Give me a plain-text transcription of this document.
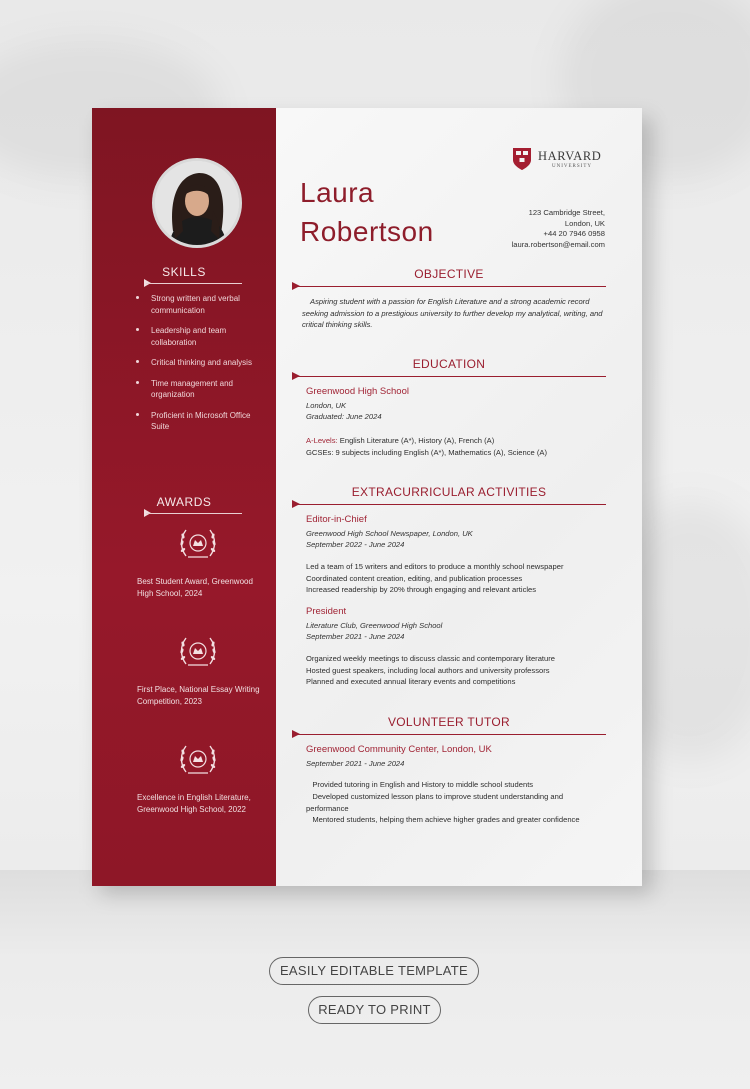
SKILLS
Strong written and verbal communication
Leadership and team collaboration
Critical thinking and analysis
Time management and organization
Proficient in Microsoft Office Suite
AWARDS
Best Student Award, Greenwood High School, 2024
First Place, National Essay Writing Competition, 2023
Excellence in English Literature, Greenwood High School, 2022
HARVARD
UNIVERSITY
Laura
Robertson
123 Cambridge Street,
London, UK
+44 20 7946 0958
laura.robertson@email.com
OBJECTIVE
Aspiring student with a passion for English Literature and a strong academic record seeking admission to a prestigious university to further develop my analytical, writing, and critical thinking skills.
EDUCATION
Greenwood High School
London, UK
Graduated: June 2024
A-Levels: English Literature (A*), History (A), French (A)
GCSEs: 9 subjects including English (A*), Mathematics (A), Science (A)
EXTRACURRICULAR ACTIVITIES
Editor-in-Chief
Greenwood High School Newspaper, London, UK
September 2022 - June 2024
Led a team of 15 writers and editors to produce a monthly school newspaper
Coordinated content creation, editing, and publication processes
Increased readership by 20% through engaging and relevant articles
President
Literature Club, Greenwood High School
September 2021 - June 2024
Organized weekly meetings to discuss classic and contemporary literature
Hosted guest speakers, including local authors and university professors
Planned and executed annual literary events and competitions
VOLUNTEER TUTOR
Greenwood Community Center, London, UK
September 2021 - June 2024
Provided tutoring in English and History to middle school students
Developed customized lesson plans to improve student understanding and performance
Mentored students, helping them achieve higher grades and greater confidence
EASILY EDITABLE TEMPLATE
READY TO PRINT
